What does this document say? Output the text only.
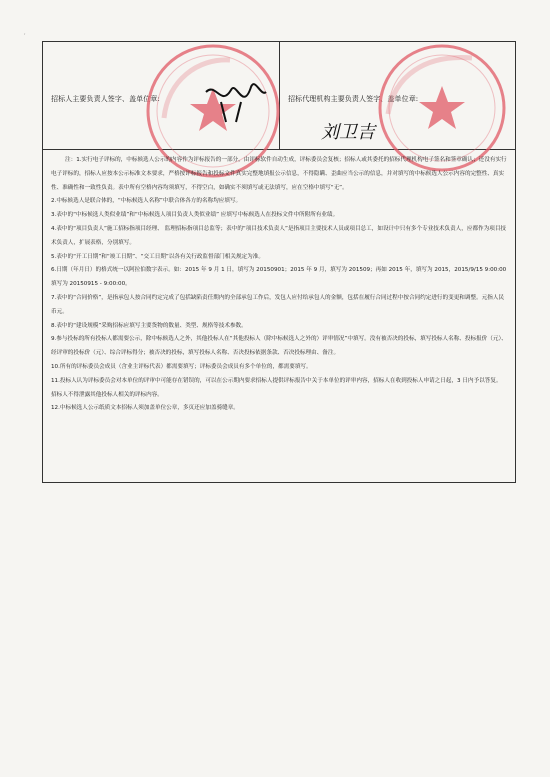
′
招标人主要负责人签字、盖单位章:	招标代理机构主要负责人签字、盖单位章:
刘卫吉

注：1.实行电子评标的，中标候选人公示的内容作为评标报告的一部分，由评标软件自动生成，评标委员会复核；招标人或其委托的招标代理机构电子签名和签章确认；还没有实行电子评标的，招标人应按本公示标准文本要求，严格按评标报告和投标文件真实完整地填报公示信息，不得隐瞒、歪曲应当公示的信息，并对填写的中标候选人公示内容的完整性、真实性、准确性和一致性负责。表中所有空格内容均须填写，不得空白，如确实不须填写或无法填写，应在空格中填写“无”。

2.中标候选人是联合体的，“中标候选人名称”中联合体各方的名称均应填写。

3.表中的“中标候选人类似业绩”和“中标候选人项目负责人类似业绩” 应填写中标候选人在投标文件中所附所有业绩。

4.表中的“项目负责人”施工招标指项目经理、 监理招标指项目总监等；表中的“项目技术负责人”是指项目主要技术人员或项目总工，如设计中只有多个专业技术负责人，应都作为项目技术负责人，扩展表格，分别填写。

5.表中的“开工日期”和“竣工日期”、“交工日期”以各有关行政监督部门相关规定为准。

6.日期（年月日）的格式统一以阿拉伯数字表示。如：2015 年 9 月 1 日，填写为 20150901；2015 年 9 月，填写为 201509；再如 2015 年，填写为 2015，2015/9/15 9:00:00 填写为 20150915 - 9:00:00。

7.表中的“合同价格”，是指承包人按合同约定完成了包括缺陷责任期内的全部承包工作后，发包人应付给承包人的金额，包括在履行合同过程中按合同约定进行的变更和调整。元指人民币元。

8.表中的“建设规模”采购招标应填写主要货物的数量、类型、规格等技术参数。

9.参与投标的所有投标人都需要公示，除中标候选人之外，其他投标人在“其他投标人（除中标候选人之外的）评审情况”中填写。没有被否决的投标，填写投标人名称、投标报价（元）、经评审的投标价（元）、综合评标得分；被否决的投标，填写投标人名称、否决投标依据条款、否决投标理由、备注。

10.所有的评标委员会成员（含业主评标代表）都需要填写；评标委员会成员有多个单位的，都需要填写。

11.投标人认为评标委员会对本单位的评审中可能存在错误的，可以在公示期内要求招标人提供评标报告中关于本单位的评审内容，招标人在收到投标人申请之日起，3 日内予以答复。招标人不得泄露其他投标人相关的评标内容。

12.中标候选人公示纸质文本招标人须加盖单位公章，多页还应加盖骑缝章。
